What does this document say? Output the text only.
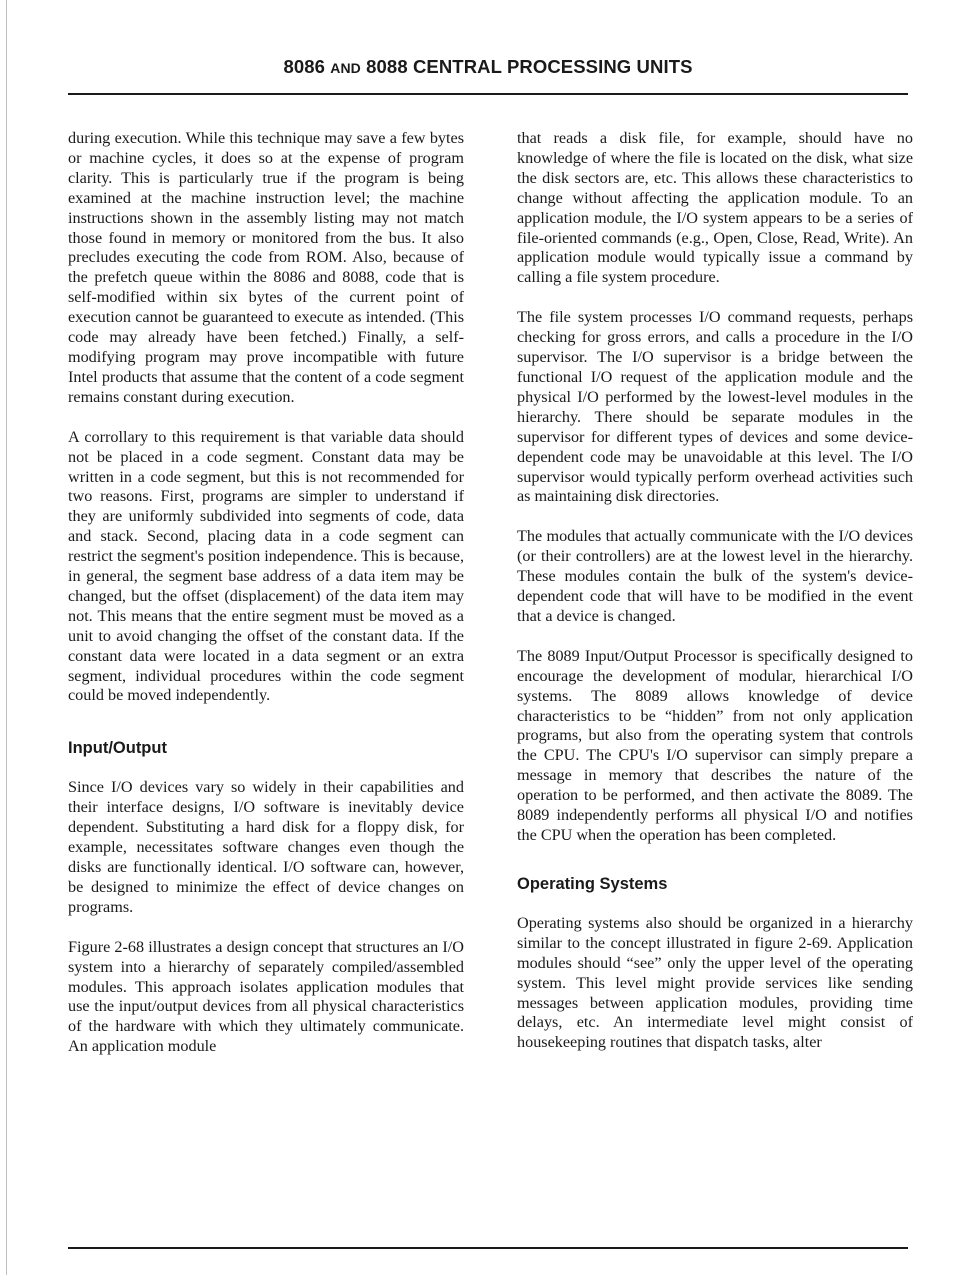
8086 AND 8088 CENTRAL PROCESSING UNITS

during execution. While this technique may save a few bytes or machine cycles, it does so at the expense of program clarity. This is particularly true if the program is being examined at the machine instruction level; the machine instructions shown in the assembly listing may not match those found in memory or monitored from the bus. It also precludes executing the code from ROM. Also, because of the prefetch queue within the 8086 and 8088, code that is self-modified within six bytes of the current point of execution cannot be guaranteed to execute as intended. (This code may already have been fetched.) Finally, a self-modifying program may prove incompatible with future Intel products that assume that the content of a code segment remains constant during execution.

A corrollary to this requirement is that variable data should not be placed in a code segment. Constant data may be written in a code segment, but this is not recommended for two reasons. First, programs are simpler to understand if they are uniformly subdivided into segments of code, data and stack. Second, placing data in a code segment can restrict the segment's position independence. This is because, in general, the segment base address of a data item may be changed, but the offset (displacement) of the data item may not. This means that the entire segment must be moved as a unit to avoid changing the offset of the constant data. If the constant data were located in a data segment or an extra segment, individual procedures within the code segment could be moved independently.

Input/Output

Since I/O devices vary so widely in their capabilities and their interface designs, I/O software is inevitably device dependent. Substituting a hard disk for a floppy disk, for example, necessitates software changes even though the disks are functionally identical. I/O software can, however, be designed to minimize the effect of device changes on programs.

Figure 2-68 illustrates a design concept that structures an I/O system into a hierarchy of separately compiled/assembled modules. This approach isolates application modules that use the input/output devices from all physical characteristics of the hardware with which they ultimately communicate. An application module

that reads a disk file, for example, should have no knowledge of where the file is located on the disk, what size the disk sectors are, etc. This allows these characteristics to change without affecting the application module. To an application module, the I/O system appears to be a series of file-oriented commands (e.g., Open, Close, Read, Write). An application module would typically issue a command by calling a file system procedure.

The file system processes I/O command requests, perhaps checking for gross errors, and calls a procedure in the I/O supervisor. The I/O supervisor is a bridge between the functional I/O request of the application module and the physical I/O performed by the lowest-level modules in the hierarchy. There should be separate modules in the supervisor for different types of devices and some device-dependent code may be unavoidable at this level. The I/O supervisor would typically perform overhead activities such as maintaining disk directories.

The modules that actually communicate with the I/O devices (or their controllers) are at the lowest level in the hierarchy. These modules contain the bulk of the system's device-dependent code that will have to be modified in the event that a device is changed.

The 8089 Input/Output Processor is specifically designed to encourage the development of modular, hierarchical I/O systems. The 8089 allows knowledge of device characteristics to be “hidden” from not only application programs, but also from the operating system that controls the CPU. The CPU's I/O supervisor can simply prepare a message in memory that describes the nature of the operation to be performed, and then activate the 8089. The 8089 independently performs all physical I/O and notifies the CPU when the operation has been completed.

Operating Systems

Operating systems also should be organized in a hierarchy similar to the concept illustrated in figure 2-69. Application modules should “see” only the upper level of the operating system. This level might provide services like sending messages between application modules, providing time delays, etc. An intermediate level might consist of housekeeping routines that dispatch tasks, alter
